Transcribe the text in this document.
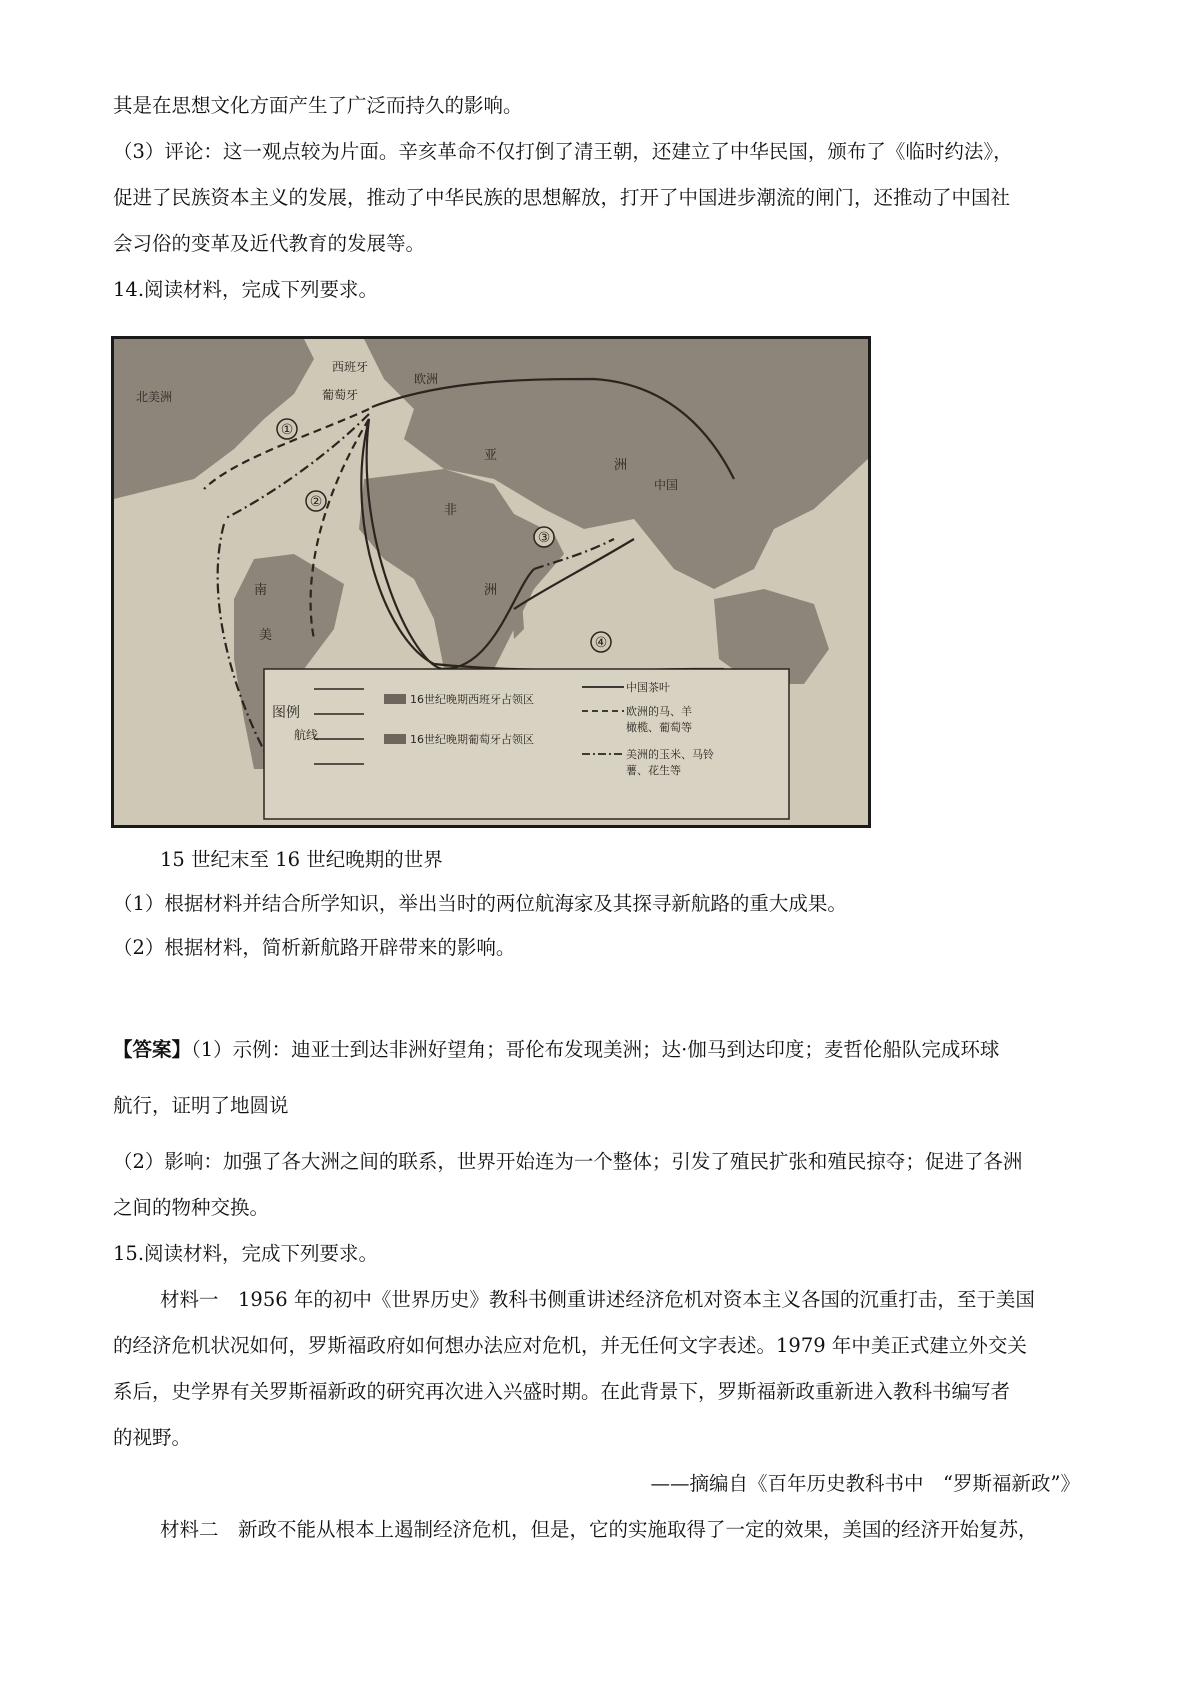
其是在思想文化方面产生了广泛而持久的影响。
（3）评论：这一观点较为片面。辛亥革命不仅打倒了清王朝，还建立了中华民国，颁布了《临时约法》，
促进了民族资本主义的发展，推动了中华民族的思想解放，打开了中国进步潮流的闸门，还推动了中国社
会习俗的变革及近代教育的发展等。
14.阅读材料，完成下列要求。
①
②
③
④
北美洲
西班牙
葡萄牙
欧洲
亚
洲
中国
非
洲
南
美
图例
航线
16世纪晚期西班牙占领区
16世纪晚期葡萄牙占领区
中国茶叶
欧洲的马、羊
橄榄、葡萄等
美洲的玉米、马铃
薯、花生等
15 世纪末至 16 世纪晚期的世界
（1）根据材料并结合所学知识，举出当时的两位航海家及其探寻新航路的重大成果。
（2）根据材料，简析新航路开辟带来的影响。
【答案】（1）示例：迪亚士到达非洲好望角；哥伦布发现美洲；达·伽马到达印度；麦哲伦船队完成环球
航行，证明了地圆说
（2）影响：加强了各大洲之间的联系，世界开始连为一个整体；引发了殖民扩张和殖民掠夺；促进了各洲
之间的物种交换。
15.阅读材料，完成下列要求。
材料一　1956 年的初中《世界历史》教科书侧重讲述经济危机对资本主义各国的沉重打击，至于美国
的经济危机状况如何，罗斯福政府如何想办法应对危机，并无任何文字表述。1979 年中美正式建立外交关
系后，史学界有关罗斯福新政的研究再次进入兴盛时期。在此背景下，罗斯福新政重新进入教科书编写者
的视野。
——摘编自《百年历史教科书中　“罗斯福新政”》
材料二　新政不能从根本上遏制经济危机，但是，它的实施取得了一定的效果，美国的经济开始复苏，
